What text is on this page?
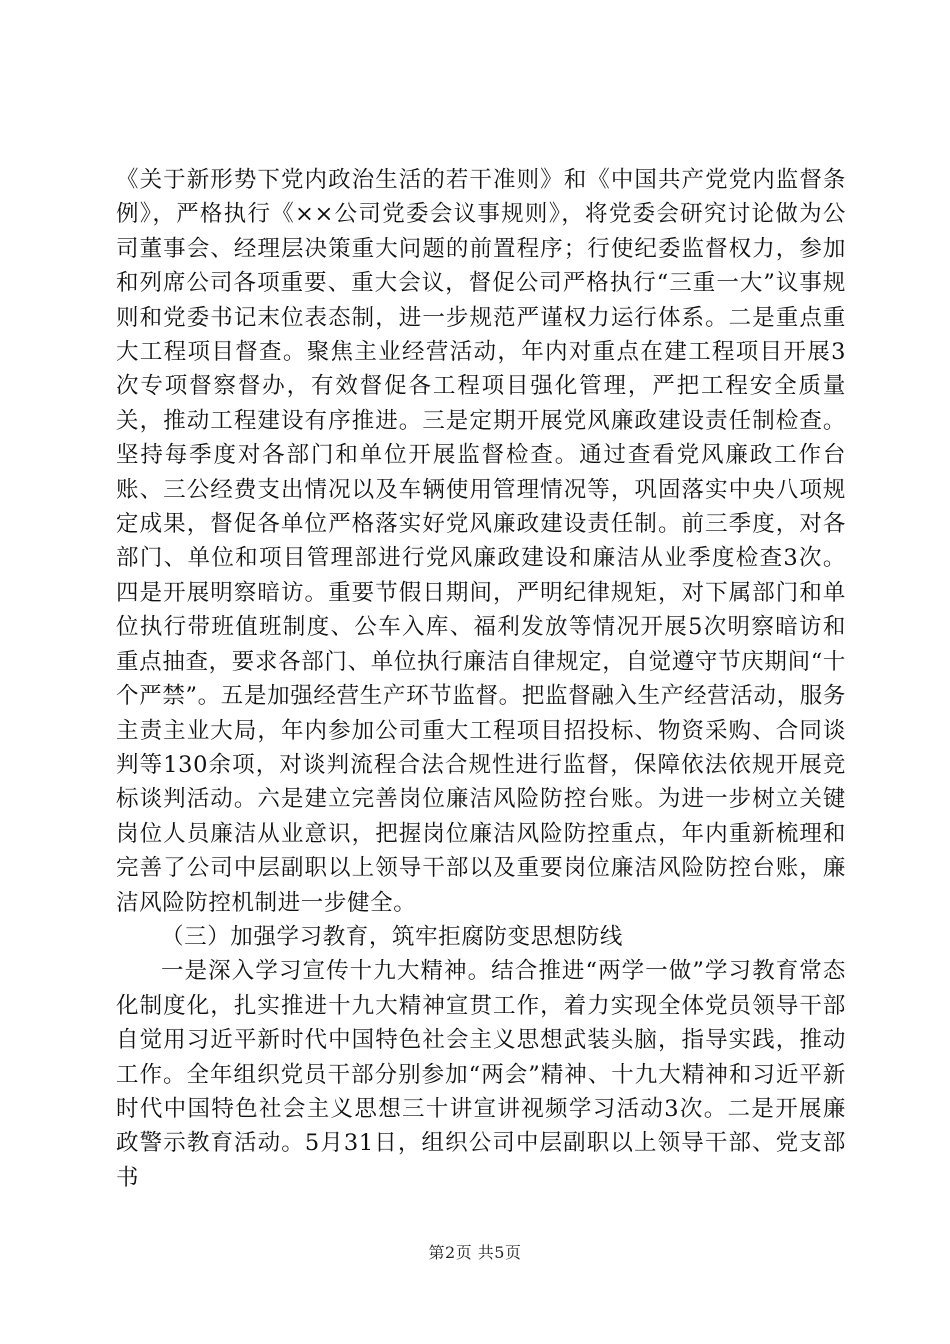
《关于新形势下党内政治生活的若干准则》和《中国共产党党内监督条例》，严格执行《××公司党委会议事规则》，将党委会研究讨论做为公司董事会、经理层决策重大问题的前置程序；行使纪委监督权力，参加和列席公司各项重要、重大会议，督促公司严格执行“三重一大”议事规则和党委书记末位表态制，进一步规范严谨权力运行体系。二是重点重大工程项目督查。聚焦主业经营活动，年内对重点在建工程项目开展3次专项督察督办，有效督促各工程项目强化管理，严把工程安全质量关，推动工程建设有序推进。三是定期开展党风廉政建设责任制检查。坚持每季度对各部门和单位开展监督检查。通过查看党风廉政工作台账、三公经费支出情况以及车辆使用管理情况等，巩固落实中央八项规定成果，督促各单位严格落实好党风廉政建设责任制。前三季度，对各部门、单位和项目管理部进行党风廉政建设和廉洁从业季度检查3次。四是开展明察暗访。重要节假日期间，严明纪律规矩，对下属部门和单位执行带班值班制度、公车入库、福利发放等情况开展5次明察暗访和重点抽查，要求各部门、单位执行廉洁自律规定，自觉遵守节庆期间“十个严禁”。五是加强经营生产环节监督。把监督融入生产经营活动，服务主责主业大局，年内参加公司重大工程项目招投标、物资采购、合同谈判等130余项，对谈判流程合法合规性进行监督，保障依法依规开展竞标谈判活动。六是建立完善岗位廉洁风险防控台账。为进一步树立关键岗位人员廉洁从业意识，把握岗位廉洁风险防控重点，年内重新梳理和完善了公司中层副职以上领导干部以及重要岗位廉洁风险防控台账，廉洁风险防控机制进一步健全。

（三）加强学习教育，筑牢拒腐防变思想防线

一是深入学习宣传十九大精神。结合推进“两学一做”学习教育常态化制度化，扎实推进十九大精神宣贯工作，着力实现全体党员领导干部自觉用习近平新时代中国特色社会主义思想武装头脑，指导实践，推动工作。全年组织党员干部分别参加“两会”精神、十九大精神和习近平新时代中国特色社会主义思想三十讲宣讲视频学习活动3次。二是开展廉政警示教育活动。5月31日，组织公司中层副职以上领导干部、党支部书

第2页 共5页
